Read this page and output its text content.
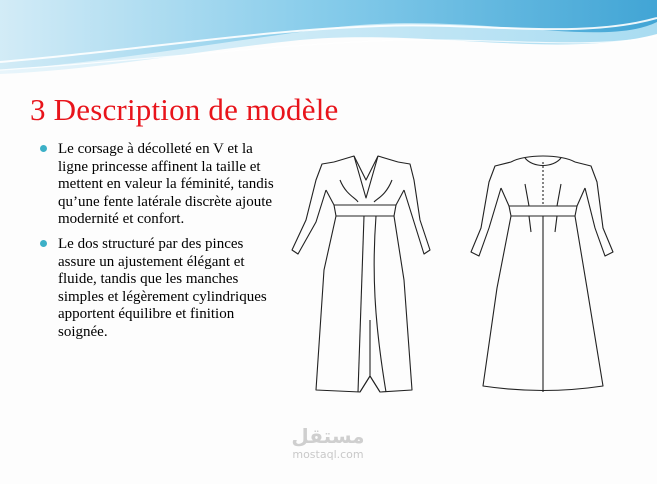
3 Description de modèle
Le corsage à décolleté en V et la ligne princesse affinent la taille et mettent en valeur la féminité, tandis qu’une fente latérale discrète ajoute modernité et confort.
Le dos structuré par des pinces assure un ajustement élégant et fluide, tandis que les manches simples et légèrement cylindriques apportent équilibre et finition soignée.
مستقل
mostaql.com
